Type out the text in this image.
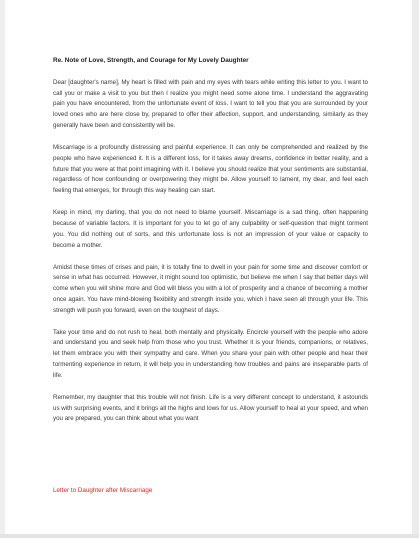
Re. Note of Love, Strength, and Courage for My Lovely Daughter

Dear [daughter's name], My heart is filled with pain and my eyes with tears while writing this letter to you. I want to call you or make a visit to you but then I realize you might need some alone time. I understand the aggravating pain you have encountered, from the unfortunate event of loss. I want to tell you that you are surrounded by your loved ones who are here close by, prepared to offer their affection, support, and understanding, similarly as they generally have been and consistently will be.

Miscarriage is a profoundly distressing and painful experience. It can only be comprehended and realized by the people who have experienced it. It is a different loss, for it takes away dreams, confidence in better reality, and a future that you were at that point imagining with it. I believe you should realize that your sentiments are substantial, regardless of how confounding or overpowering they might be. Allow yourself to lament, my dear, and feel each feeling that emerges, for through this way healing can start.

Keep in mind, my darling, that you do not need to blame yourself. Miscarriage is a sad thing, often happening because of variable factors. It is important for you to let go of any culpability or self-question that might torment you. You did nothing out of sorts, and this unfortunate loss is not an impression of your value or capacity to become a mother.

Amidst these times of crises and pain, it is totally fine to dwell in your pain for some time and discover comfort or sense in what has occurred. However, it might sound too optimistic, but believe me when I say that better days will come when you will shine more and God will bless you with a lot of prosperity and a chance of becoming a mother once again. You have mind-blowing flexibility and strength inside you, which I have seen all through your life. This strength will push you forward, even on the toughest of days.

Take your time and do not rush to heal, both mentally and physically. Encircle yourself with the people who adore and understand you and seek help from those who you trust. Whether it is your friends, companions, or relatives, let them embrace you with their sympathy and care. When you share your pain with other people and hear their tormenting experience in return, it will help you in understanding how troubles and pains are inseparable parts of life.

Remember, my daughter that this trouble will not finish. Life is a very different concept to understand, it astounds us with surprising events, and it brings all the highs and lows for us. Allow yourself to heal at your speed, and when you are prepared, you can think about what you want

Letter to Daughter after Miscarriage
